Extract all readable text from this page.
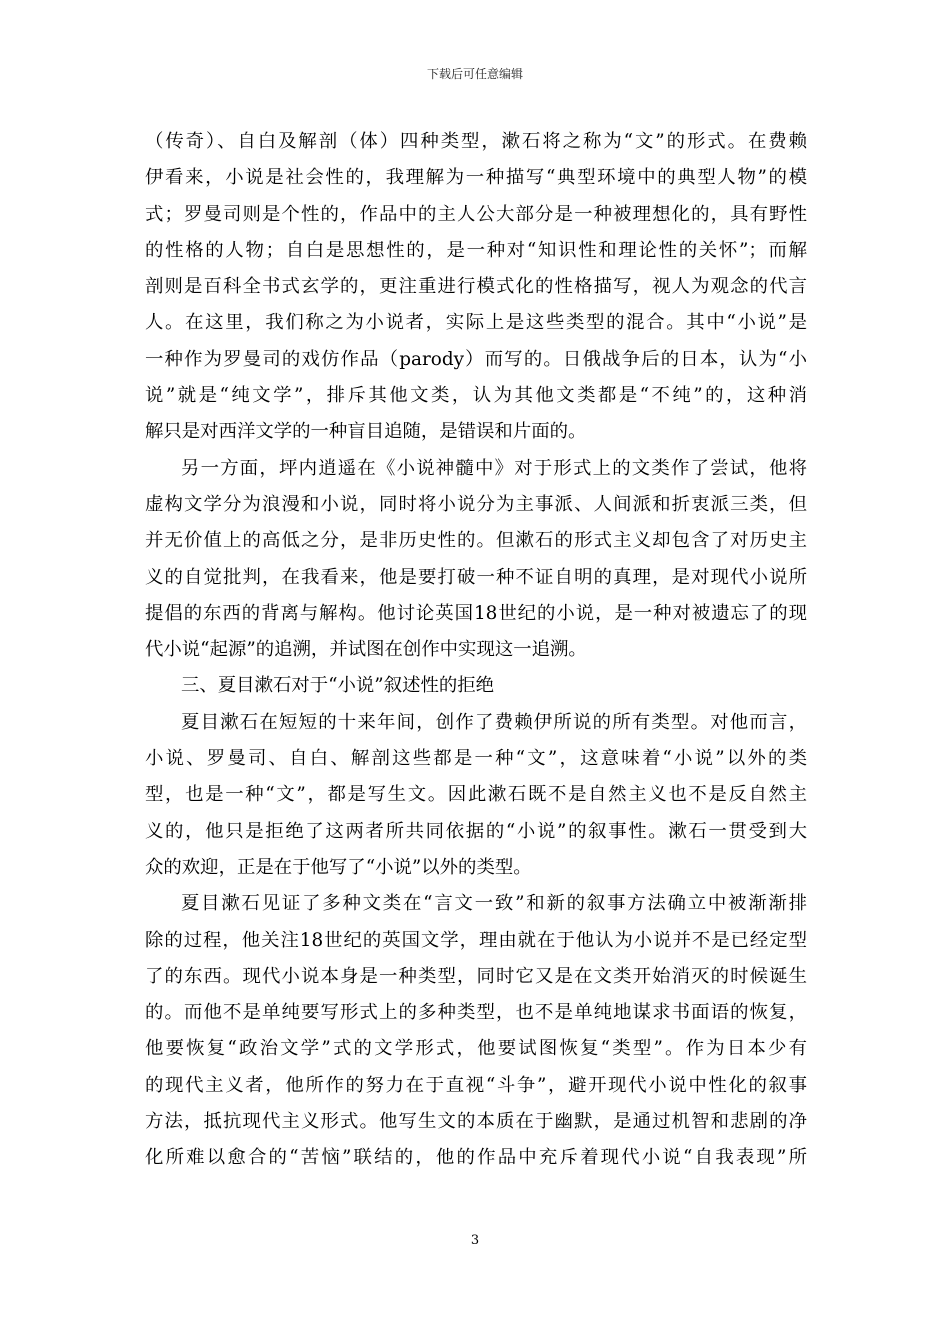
下载后可任意编辑
（传奇）、自白及解剖（体）四种类型，漱石将之称为“文”的形式。在费赖
伊看来，小说是社会性的，我理解为一种描写“典型环境中的典型人物”的模
式；罗曼司则是个性的，作品中的主人公大部分是一种被理想化的，具有野性
的性格的人物；自白是思想性的，是一种对“知识性和理论性的关怀”；而解
剖则是百科全书式玄学的，更注重进行模式化的性格描写，视人为观念的代言
人。在这里，我们称之为小说者，实际上是这些类型的混合。其中“小说”是
一种作为罗曼司的戏仿作品（parody）而写的。日俄战争后的日本，认为“小
说”就是“纯文学”，排斥其他文类，认为其他文类都是“不纯”的，这种消
解只是对西洋文学的一种盲目追随，是错误和片面的。
另一方面，坪内逍遥在《小说神髓中》对于形式上的文类作了尝试，他将
虚构文学分为浪漫和小说，同时将小说分为主事派、人间派和折衷派三类，但
并无价值上的高低之分，是非历史性的。但漱石的形式主义却包含了对历史主
义的自觉批判，在我看来，他是要打破一种不证自明的真理，是对现代小说所
提倡的东西的背离与解构。他讨论英国18世纪的小说，是一种对被遗忘了的现
代小说“起源”的追溯，并试图在创作中实现这一追溯。
三、夏目漱石对于“小说”叙述性的拒绝
夏目漱石在短短的十来年间，创作了费赖伊所说的所有类型。对他而言，
小说、罗曼司、自白、解剖这些都是一种“文”，这意味着“小说”以外的类
型，也是一种“文”，都是写生文。因此漱石既不是自然主义也不是反自然主
义的，他只是拒绝了这两者所共同依据的“小说”的叙事性。漱石一贯受到大
众的欢迎，正是在于他写了“小说”以外的类型。
夏目漱石见证了多种文类在“言文一致”和新的叙事方法确立中被渐渐排
除的过程，他关注18世纪的英国文学，理由就在于他认为小说并不是已经定型
了的东西。现代小说本身是一种类型，同时它又是在文类开始消灭的时候诞生
的。而他不是单纯要写形式上的多种类型，也不是单纯地谋求书面语的恢复，
他要恢复“政治文学”式的文学形式，他要试图恢复“类型”。作为日本少有
的现代主义者，他所作的努力在于直视“斗争”，避开现代小说中性化的叙事
方法，抵抗现代主义形式。他写生文的本质在于幽默，是通过机智和悲剧的净
化所难以愈合的“苦恼”联结的，他的作品中充斥着现代小说“自我表现”所
3
